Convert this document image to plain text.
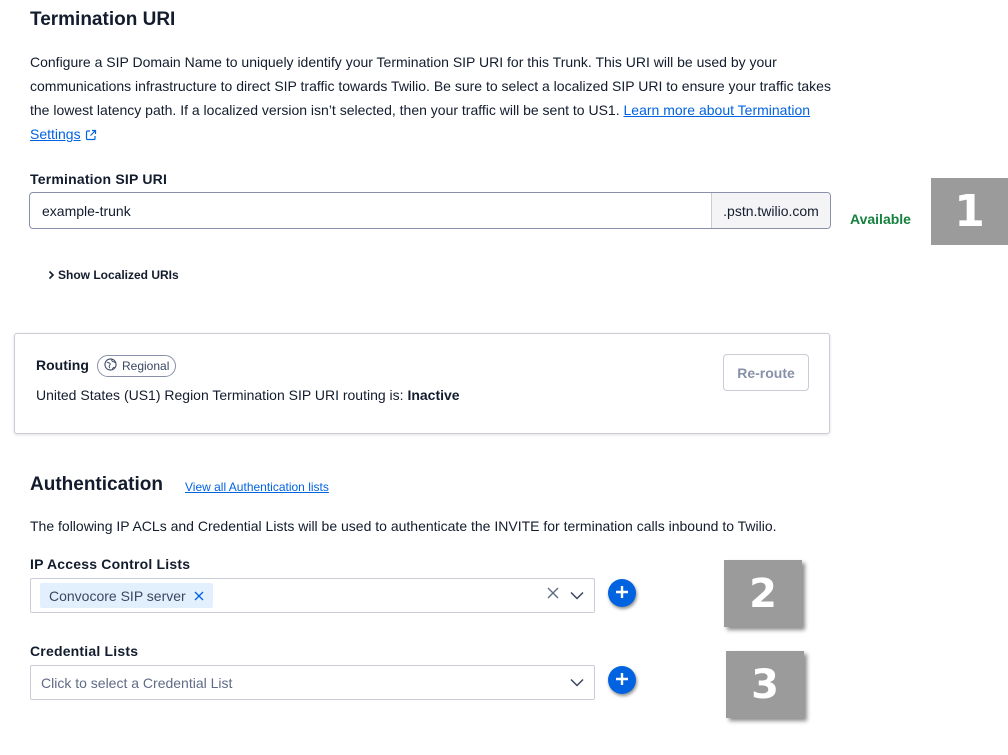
Termination URI

Configure a SIP Domain Name to uniquely identify your Termination SIP URI for this Trunk. This URI will be used by your communications infrastructure to direct SIP traffic towards Twilio. Be sure to select a localized SIP URI to ensure your traffic takes the lowest latency path. If a localized version isn’t selected, then your traffic will be sent to US1. Learn more about Termination Settings

Termination SIP URI
example-trunk
.pstn.twilio.com
Available 1
Show Localized URIs
Routing	Regional
United States (US1) Region Termination SIP URI routing is: Inactive
Re-route
Authentication View all Authentication lists

The following IP ACLs and Credential Lists will be used to authenticate the INVITE for termination calls inbound to Twilio.

IP Access Control Lists
Convocore SIP server	2
Credential Lists
Click to select a Credential List	3
